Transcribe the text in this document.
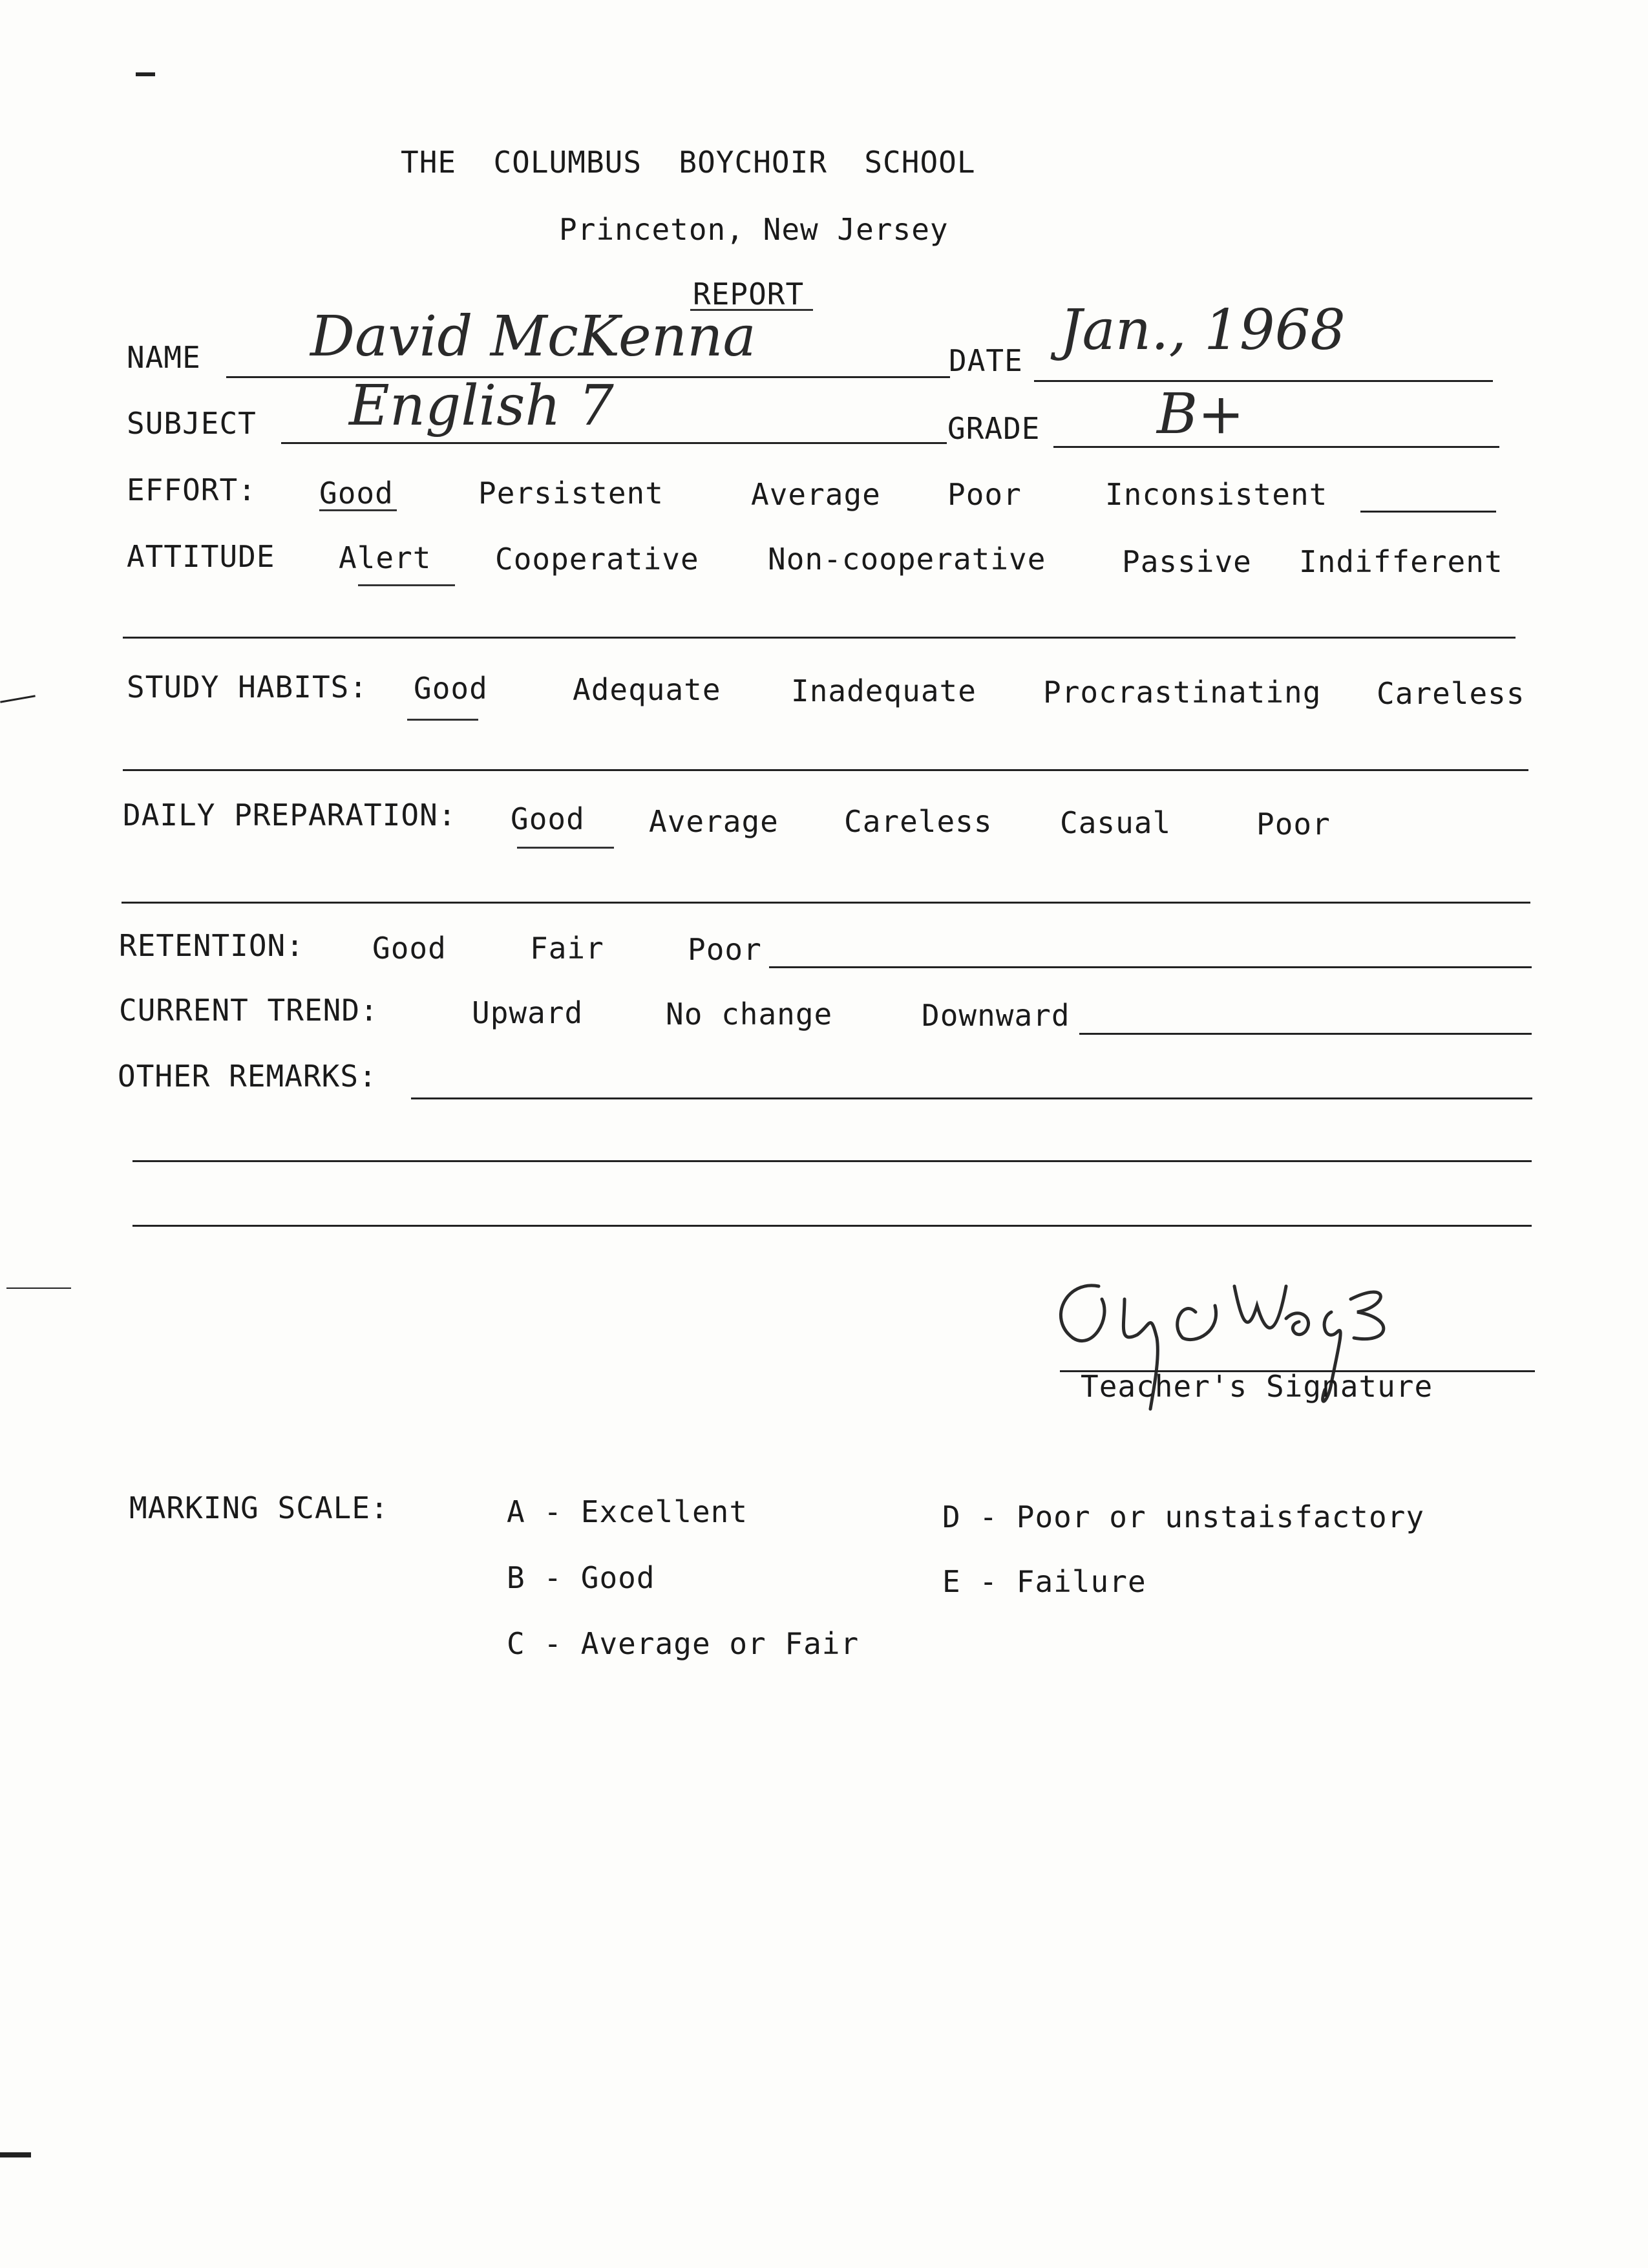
THE  COLUMBUS  BOYCHOIR  SCHOOL
Princeton, New Jersey
REPORT
NAME David McKenna	DATE Jan., 1968
SUBJECT English 7	GRADE B+
EFFORT: Good	Persistent	Average Poor	Inconsistent
ATTITUDE Alert Cooperative Non-cooperative	Passive Indifferent
STUDY HABITS: Good	Adequate Inadequate Procrastinating Careless
DAILY PREPARATION: Good Average Careless Casual	Poor
RETENTION: Good	Fair	Poor
CURRENT TREND:	Upward	No change	Downward
OTHER REMARKS:
Teacher's Signature
MARKING SCALE:	A - Excellent
B - Good
C - Average or Fair
D - Poor or unstaisfactory
E - Failure
